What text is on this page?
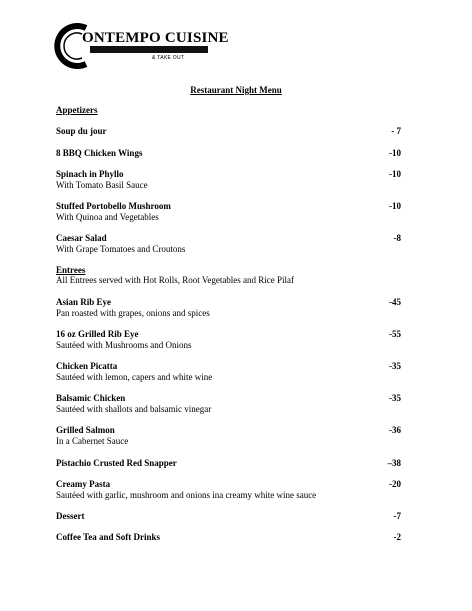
ONTEMPO CUISINE
CATERING
& TAKE OUT
Restaurant Night Menu
Appetizers
Soup du jour	- 7
8 BBQ Chicken Wings	-10
Spinach in Phyllo	-10
With Tomato Basil Sauce
Stuffed Portobello Mushroom	-10
With Quinoa and Vegetables
Caesar Salad	-8
With Grape Tomatoes and Croutons
Entrees
All Entrees served with Hot Rolls, Root Vegetables and Rice Pilaf
Asian Rib Eye	-45
Pan roasted with grapes, onions and spices
16 oz Grilled Rib Eye	-55
Sautéed with Mushrooms and Onions
Chicken Picatta	-35
Sautéed with lemon, capers and white wine
Balsamic Chicken	-35
Sautéed with shallots and balsamic vinegar
Grilled Salmon	-36
In a Cabernet Sauce
Pistachio Crusted Red Snapper	–38
Creamy Pasta	-20
Sautéed with garlic, mushroom and onions ina creamy white wine sauce
Dessert	-7
Coffee Tea and Soft Drinks	-2
